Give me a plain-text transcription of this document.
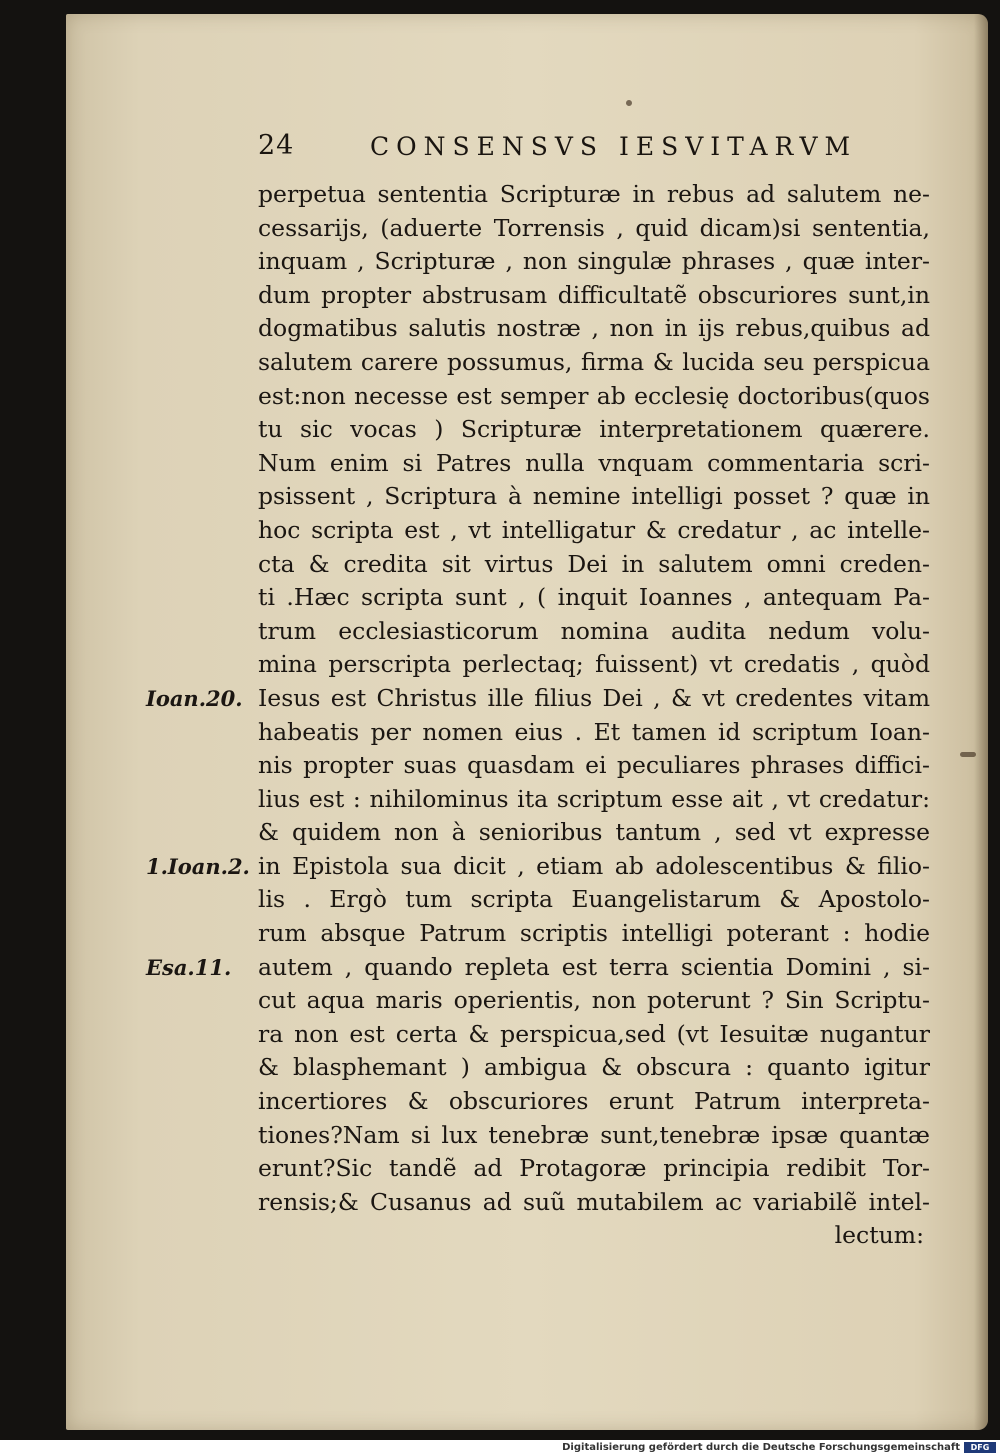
24	CONSENSVS IESVITARVM
Ioan.20.
1.Ioan.2.
Esa.11.
perpetua sententia Scripturæ in rebus ad salutem ne-
cessarijs, (aduerte Torrensis , quid dicam)si sententia,
inquam , Scripturæ , non singulæ phrases , quæ inter-
dum propter abstrusam difficultatẽ obscuriores sunt,in
dogmatibus salutis nostræ , non in ijs rebus,quibus ad
salutem carere possumus, firma & lucida seu perspicua
est:non necesse est semper ab ecclesię doctoribus(quos
tu sic vocas ) Scripturæ interpretationem quærere.
Num enim si Patres nulla vnquam commentaria scri-
psissent , Scriptura à nemine intelligi posset ? quæ in
hoc scripta est , vt intelligatur & credatur , ac intelle-
cta & credita sit virtus Dei in salutem omni creden-
ti .Hæc scripta sunt , ( inquit Ioannes , antequam Pa-
trum ecclesiasticorum nomina audita nedum volu-
mina perscripta perlectaq; fuissent) vt credatis , quòd
Iesus est Christus ille filius Dei , & vt credentes vitam
habeatis per nomen eius . Et tamen id scriptum Ioan-
nis propter suas quasdam ei peculiares phrases diffici-
lius est : nihilominus ita scriptum esse ait , vt credatur:
& quidem non à senioribus tantum , sed vt expresse
in Epistola sua dicit , etiam ab adolescentibus & filio-
lis . Ergò tum scripta Euangelistarum & Apostolo-
rum absque Patrum scriptis intelligi poterant : hodie
autem , quando repleta est terra scientia Domini , si-
cut aqua maris operientis, non poterunt ? Sin Scriptu-
ra non est certa & perspicua,sed (vt Iesuitæ nugantur
& blasphemant ) ambigua & obscura : quanto igitur
incertiores & obscuriores erunt Patrum interpreta-
tiones?Nam si lux tenebræ sunt,tenebræ ipsæ quantæ
erunt?Sic tandẽ ad Protagoræ principia redibit Tor-
rensis;& Cusanus ad suũ mutabilem ac variabilẽ intel-
lectum:
Digitalisierung gefördert durch die Deutsche Forschungsgemeinschaft	DFG
